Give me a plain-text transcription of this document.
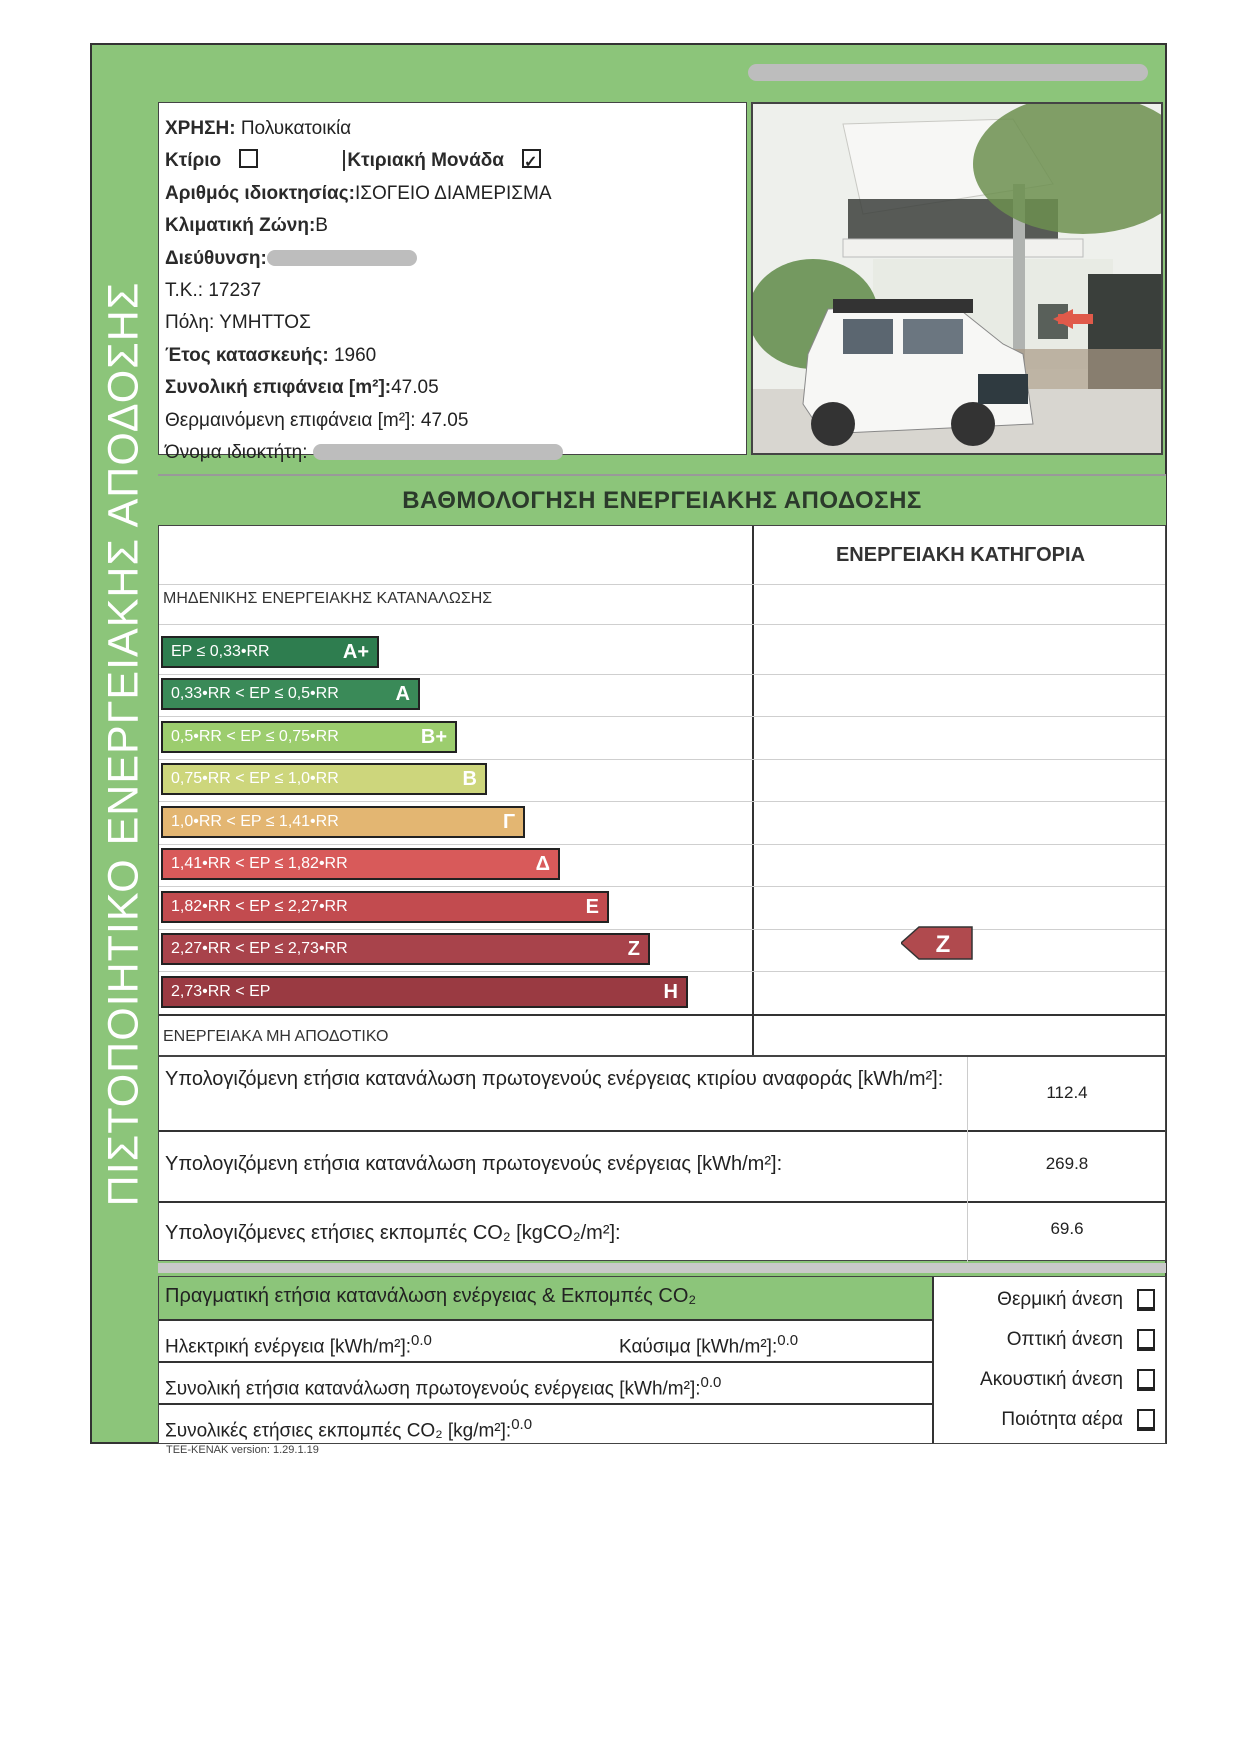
ΠΙΣΤΟΠΟΙΗΤΙΚΟ ΕΝΕΡΓΕΙΑΚΗΣ ΑΠΟΔΟΣΗΣ
ΧΡΗΣΗ: Πολυκατοικία
Κτίριο	Κτιριακή Μονάδα✓
Αριθμός ιδιοκτησίας:ΙΣΟΓΕΙΟ ΔΙΑΜΕΡΙΣΜΑ
Κλιματική Ζώνη:Β
Διεύθυνση:
Τ.Κ.: 17237
Πόλη: ΥΜΗΤΤΟΣ
Έτος κατασκευής: 1960
Συνολική επιφάνεια [m²]:47.05
Θερμαινόμενη επιφάνεια [m²]: 47.05
Όνομα ιδιοκτήτη:
ΒΑΘΜΟΛΟΓΗΣΗ ΕΝΕΡΓΕΙΑΚΗΣ ΑΠΟΔΟΣΗΣ
ΕΝΕΡΓΕΙΑΚΗ ΚΑΤΗΓΟΡΙΑ
ΜΗΔΕΝΙΚΗΣ ΕΝΕΡΓΕΙΑΚΗΣ ΚΑΤΑΝΑΛΩΣΗΣ
EP ≤ 0,33•RR	A+
0,33•RR < EP ≤ 0,5•RR	A
0,5•RR < EP ≤ 0,75•RR	B+
0,75•RR < EP ≤ 1,0•RR	B
1,0•RR < EP ≤ 1,41•RR	Γ
1,41•RR < EP ≤ 1,82•RR	Δ
1,82•RR < EP ≤ 2,27•RR	Ε
2,27•RR < EP ≤ 2,73•RR	Ζ
2,73•RR < EP	Η
ΕΝΕΡΓΕΙΑΚΑ ΜΗ ΑΠΟΔΟΤΙΚΟ
Z
Υπολογιζόμενη ετήσια κατανάλωση πρωτογενούς ενέργειας κτιρίου αναφοράς [kWh/m²]:
112.4
Υπολογιζόμενη ετήσια κατανάλωση πρωτογενούς ενέργειας [kWh/m²]:	269.8
Υπολογιζόμενες ετήσιες εκπομπές CO₂ [kgCO₂/m²]:	69.6
Πραγματική ετήσια κατανάλωση ενέργειας & Εκπομπές CO₂
Ηλεκτρική ενέργεια [kWh/m²]:$^{0.0}$	Καύσιμα [kWh/m²]:$^{0.0}$
Συνολική ετήσια κατανάλωση πρωτογενούς ενέργειας [kWh/m²]:$^{0.0}$
Συνολικές ετήσιες εκπομπές CO₂ [kg/m²]:$^{0.0}$
Θερμική άνεση
Οπτική άνεση
Ακουστική άνεση
Ποιότητα αέρα
TEE-KENAK version: 1.29.1.19
